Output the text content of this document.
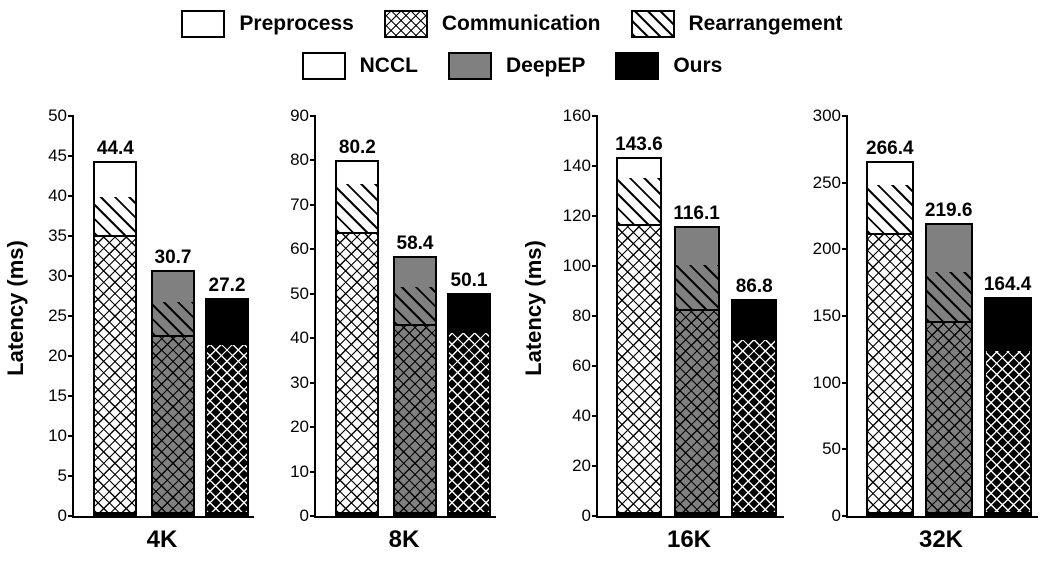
Preprocess	Communication	Rearrangement
NCCL	DeepEP	Ours
Latency (ms)
0
5
10
15
20
25
30
35
40
45
50
44.4
30.7
27.2
4K
0
10
20
30
40
50
60
70
80
90
80.2
58.4
50.1
8K
Latency (ms)
0
20
40
60
80
100
120
140
160
143.6
116.1
86.8
16K
0
50
100
150
200
250
300
266.4
219.6
164.4
32K
